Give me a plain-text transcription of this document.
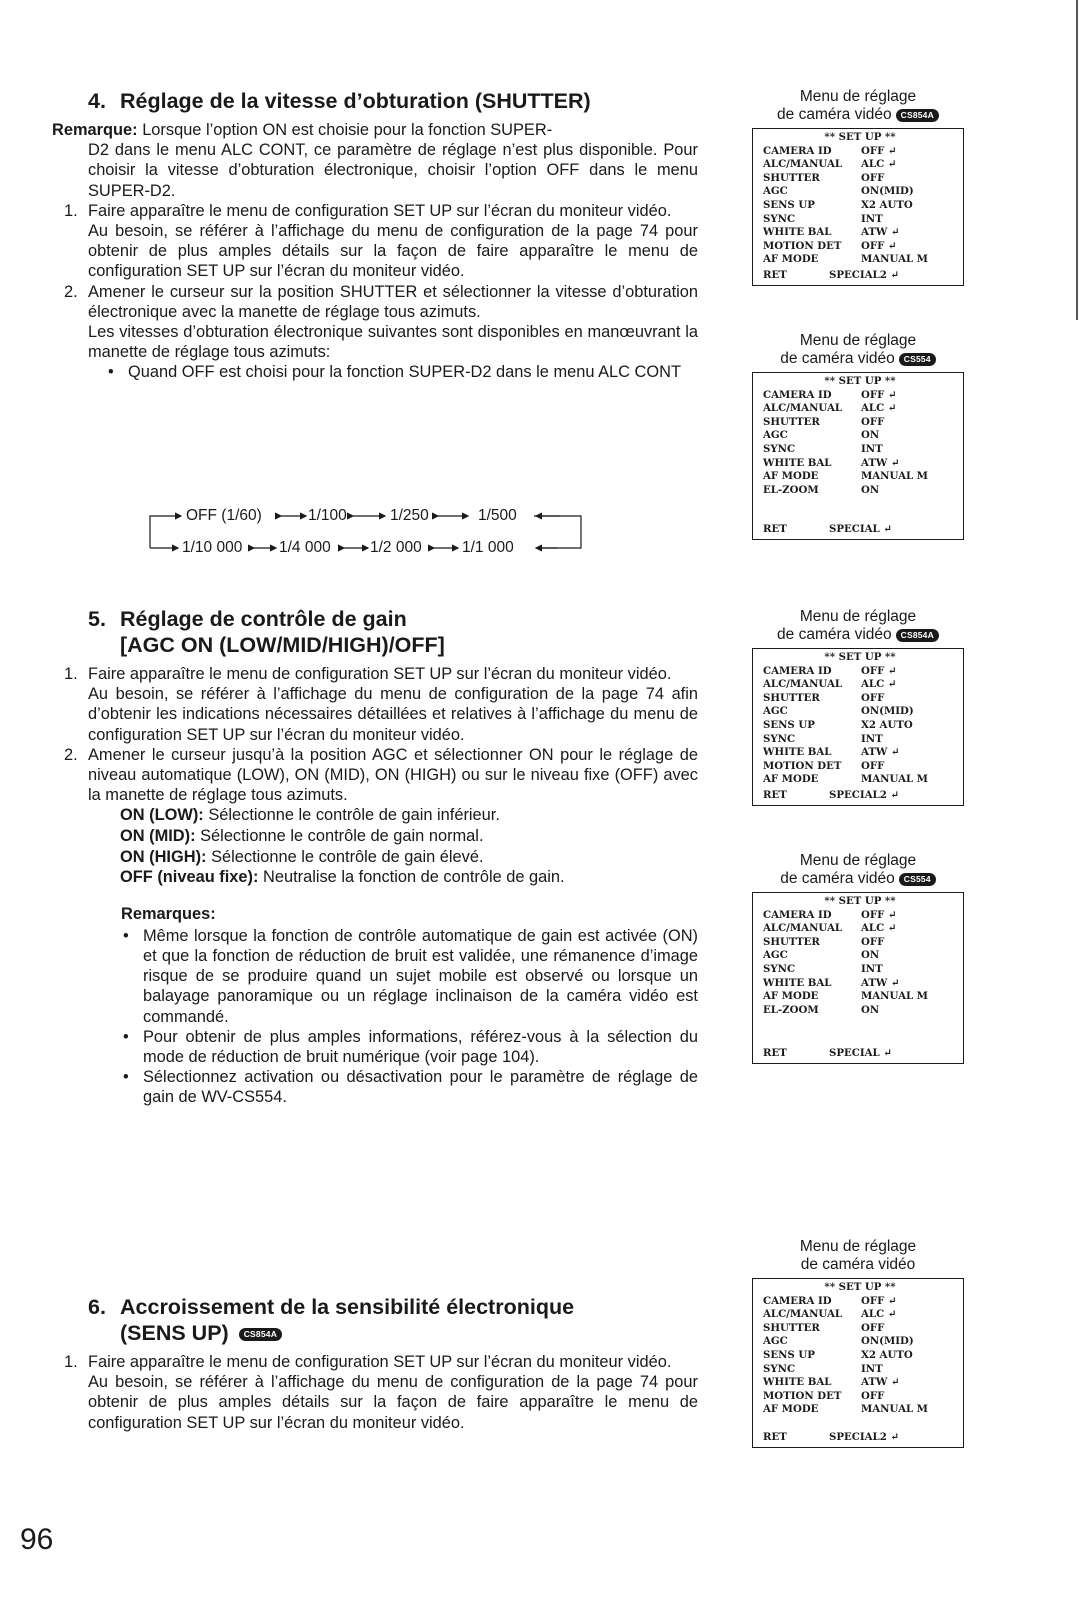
4. Réglage de la vitesse d’obturation (SHUTTER)

Remarque: Lorsque l’option ON est choisie pour la fonction SUPER-
D2 dans le menu ALC CONT, ce paramètre de réglage n’est plus disponible. Pour choisir la vitesse d’obturation électronique, choisir l’option OFF dans le menu SUPER-D2.

1. Faire apparaître le menu de configuration SET UP sur l’écran du moniteur vidéo.

Au besoin, se référer à l’affichage du menu de configuration de la page 74 pour obtenir de plus amples détails sur la façon de faire apparaître le menu de configuration SET UP sur l’écran du moniteur vidéo.

2. Amener le curseur sur la position SHUTTER et sélectionner la vitesse d’obturation électronique avec la manette de réglage tous azimuts.

Les vitesses d’obturation électronique suivantes sont disponibles en manœuvrant la manette de réglage tous azimuts:

• Quand OFF est choisi pour la fonction SUPER-D2 dans le menu ALC CONT
OFF (1/60)	1/100	1/250	1/500
1/10 000 1/4 000	1/2 000	1/1 000
5. Réglage de contrôle de gain
[AGC ON (LOW/MID/HIGH)/OFF]
1. Faire apparaître le menu de configuration SET UP sur l’écran du moniteur vidéo.

Au besoin, se référer à l’affichage du menu de configuration de la page 74 afin d’obtenir les indications nécessaires détaillées et relatives à l’affichage du menu de configuration SET UP sur l’écran du moniteur vidéo.

2. Amener le curseur jusqu’à la position AGC et sélectionner ON pour le réglage de niveau automatique (LOW), ON (MID), ON (HIGH) ou sur le niveau fixe (OFF) avec la manette de réglage tous azimuts.

ON (LOW): Sélectionne le contrôle de gain inférieur.

ON (MID): Sélectionne le contrôle de gain normal.

ON (HIGH): Sélectionne le contrôle de gain élevé.

OFF (niveau fixe): Neutralise la fonction de contrôle de gain.

Remarques:
• Même lorsque la fonction de contrôle automatique de gain est activée (ON) et que la fonction de réduction de bruit est validée, une rémanence d’image risque de se produire quand un sujet mobile est observé ou lorsque un balayage panoramique ou un réglage inclinaison de la caméra vidéo est commandé.
• Pour obtenir de plus amples informations, référez-vous à la sélection du mode de réduction de bruit numérique (voir page 104).
• Sélectionnez activation ou désactivation pour le paramètre de réglage de gain de WV-CS554.
6. Accroissement de la sensibilité électronique
(SENS UP) CS854A
1. Faire apparaître le menu de configuration SET UP sur l’écran du moniteur vidéo.

Au besoin, se référer à l’affichage du menu de configuration de la page 74 pour obtenir de plus amples détails sur la façon de faire apparaître le menu de configuration SET UP sur l’écran du moniteur vidéo.

Menu de réglage
de caméra vidéo	CS854A
** SET UP **
CAMERA ID	OFF ↵
ALC/MANUAL	ALC ↵
SHUTTER	OFF
AGC	ON(MID)
SENS UP	X2 AUTO
SYNC	INT
WHITE BAL	ATW ↵
MOTION DET	OFF ↵
AF MODE	MANUAL M
RET	SPECIAL2 ↵
Menu de réglage
de caméra vidéo	CS554
** SET UP **
CAMERA ID	OFF ↵
ALC/MANUAL	ALC ↵
SHUTTER	OFF
AGC	ON
SYNC	INT
WHITE BAL	ATW ↵
AF MODE	MANUAL M
EL-ZOOM	ON
RET	SPECIAL ↵
Menu de réglage
de caméra vidéo	CS854A
** SET UP **
CAMERA ID	OFF ↵
ALC/MANUAL	ALC ↵
SHUTTER	OFF
AGC	ON(MID)
SENS UP	X2 AUTO
SYNC	INT
WHITE BAL	ATW ↵
MOTION DET	OFF
AF MODE	MANUAL M
RET	SPECIAL2 ↵
Menu de réglage
de caméra vidéo	CS554
** SET UP **
CAMERA ID	OFF ↵
ALC/MANUAL	ALC ↵
SHUTTER	OFF
AGC	ON
SYNC	INT
WHITE BAL	ATW ↵
AF MODE	MANUAL M
EL-ZOOM	ON
RET	SPECIAL ↵
Menu de réglage
de caméra vidéo
** SET UP **
CAMERA ID	OFF ↵
ALC/MANUAL	ALC ↵
SHUTTER	OFF
AGC	ON(MID)
SENS UP	X2 AUTO
SYNC	INT
WHITE BAL	ATW ↵
MOTION DET	OFF
AF MODE	MANUAL M
RET	SPECIAL2 ↵
96
